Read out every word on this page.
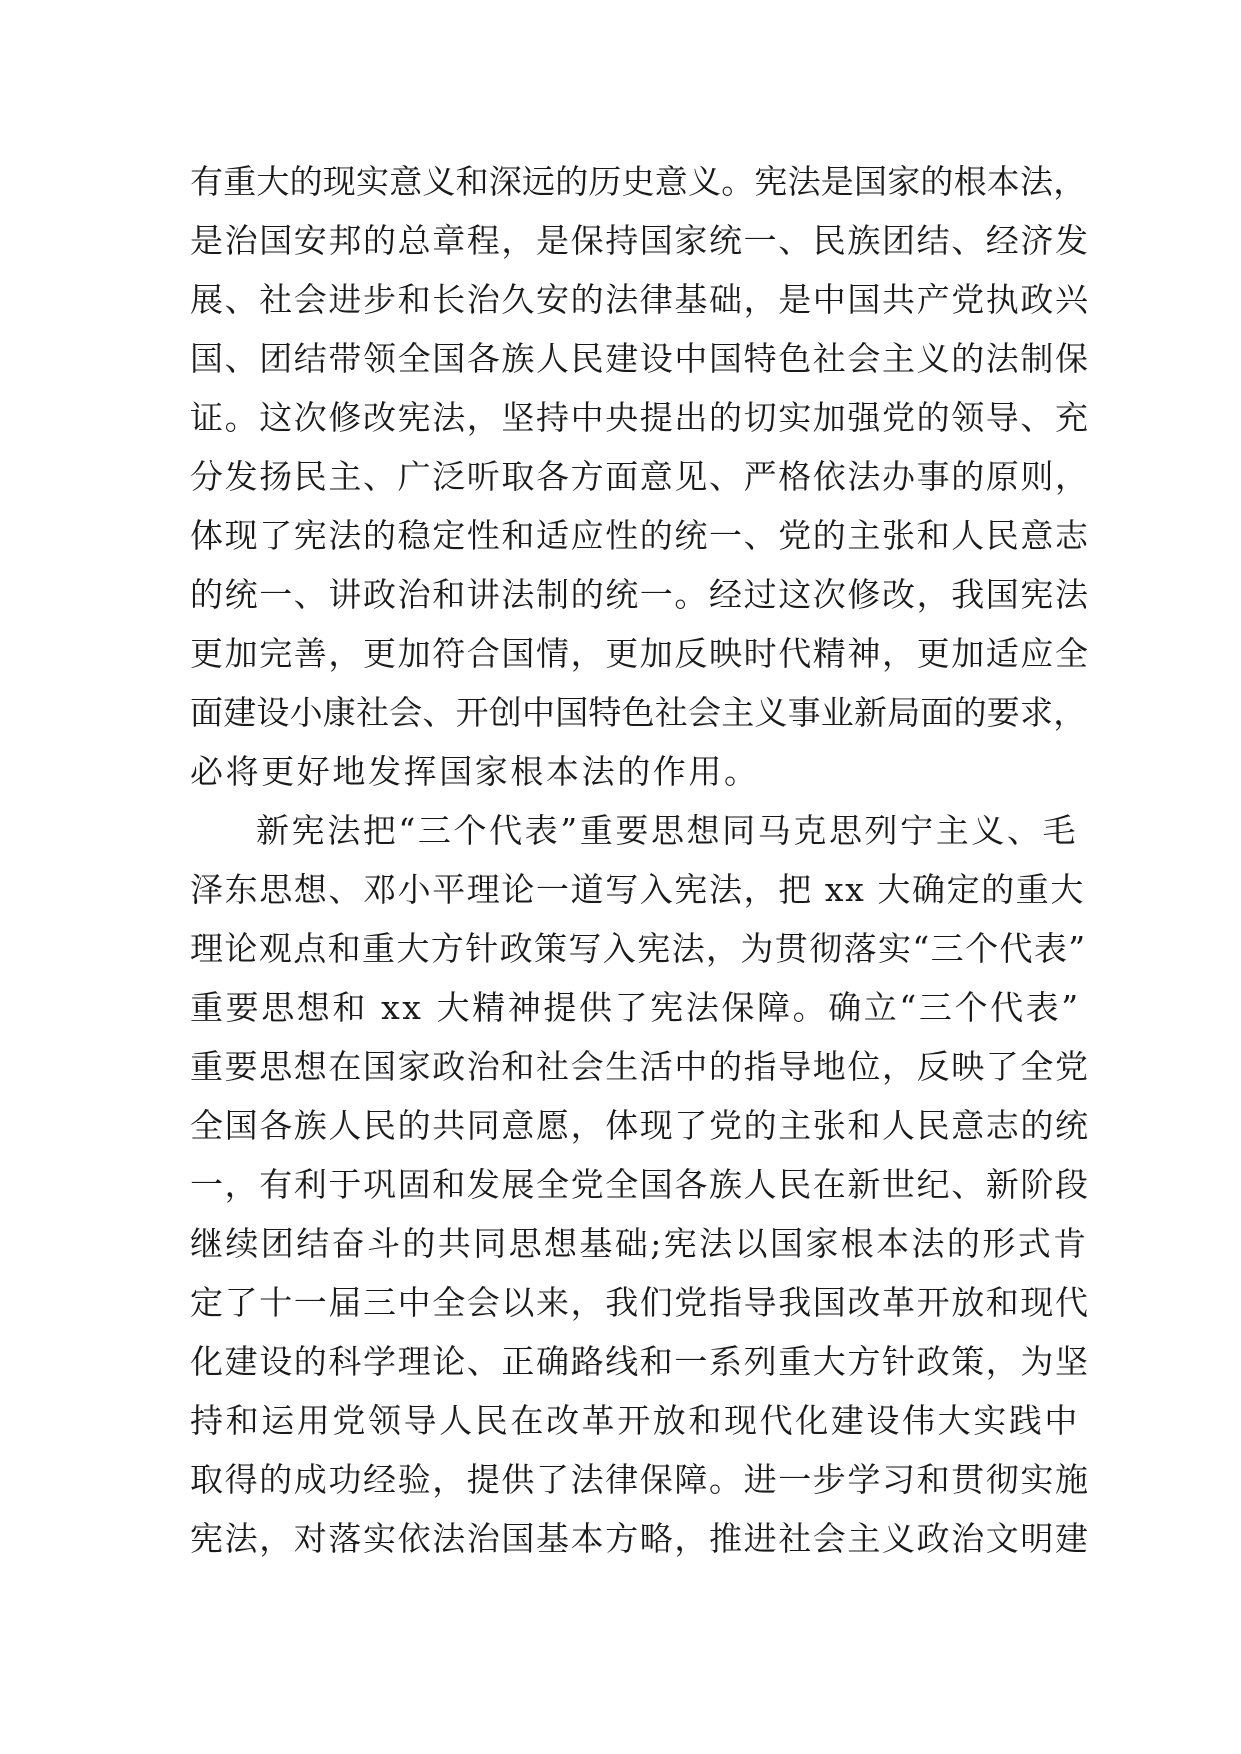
有重大的现实意义和深远的历史意义。宪法是国家的根本法，
是治国安邦的总章程，是保持国家统一、民族团结、经济发
展、社会进步和长治久安的法律基础，是中国共产党执政兴
国、团结带领全国各族人民建设中国特色社会主义的法制保
证。这次修改宪法，坚持中央提出的切实加强党的领导、充
分发扬民主、广泛听取各方面意见、严格依法办事的原则，
体现了宪法的稳定性和适应性的统一、党的主张和人民意志
的统一、讲政治和讲法制的统一。经过这次修改，我国宪法
更加完善，更加符合国情，更加反映时代精神，更加适应全
面建设小康社会、开创中国特色社会主义事业新局面的要求，
必将更好地发挥国家根本法的作用。
新宪法把“三个代表”重要思想同马克思列宁主义、毛
泽东思想、邓小平理论一道写入宪法，把 xx 大确定的重大
理论观点和重大方针政策写入宪法，为贯彻落实“三个代表”
重要思想和 xx 大精神提供了宪法保障。确立“三个代表”
重要思想在国家政治和社会生活中的指导地位，反映了全党
全国各族人民的共同意愿，体现了党的主张和人民意志的统
一，有利于巩固和发展全党全国各族人民在新世纪、新阶段
继续团结奋斗的共同思想基础;宪法以国家根本法的形式肯
定了十一届三中全会以来，我们党指导我国改革开放和现代
化建设的科学理论、正确路线和一系列重大方针政策，为坚
持和运用党领导人民在改革开放和现代化建设伟大实践中
取得的成功经验，提供了法律保障。进一步学习和贯彻实施
宪法，对落实依法治国基本方略，推进社会主义政治文明建
